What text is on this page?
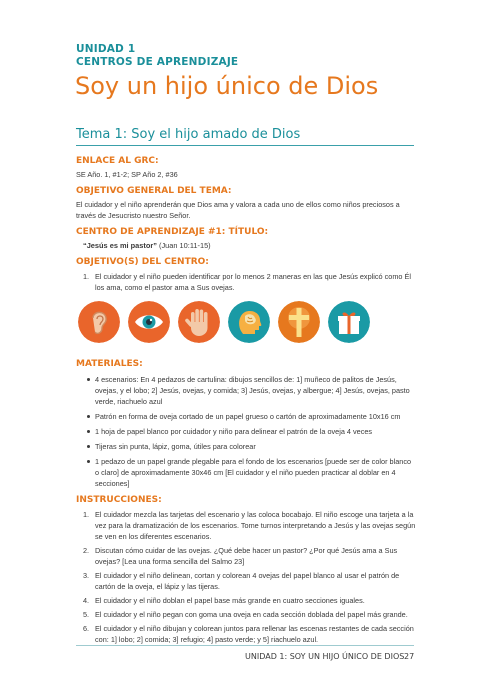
UNIDAD 1
CENTROS DE APRENDIZAJE
Soy un hijo único de Dios
Tema 1: Soy el hijo amado de Dios
ENLACE AL GRC:
SE Año. 1, #1-2; SP Año 2, #36
OBJETIVO GENERAL DEL TEMA:
El cuidador y el niño aprenderán que Dios ama y valora a cada uno de ellos como niños preciosos a través de Jesucristo nuestro Señor.
CENTRO DE APRENDIZAJE #1: TÍTULO:
“Jesús es mi pastor” (Juan 10:11-15)
OBJETIVO(S) DEL CENTRO:
1. El cuidador y el niño pueden identificar por lo menos 2 maneras en las que Jesús explicó como Él los ama, como el pastor ama a Sus ovejas.
MATERIALES:
4 escenarios: En 4 pedazos de cartulina: dibujos sencillos de: 1] muñeco de palitos de Jesús, ovejas, y el lobo; 2] Jesús, ovejas, y comida; 3] Jesús, ovejas, y albergue; 4] Jesús, ovejas, pasto verde, riachuelo azul
Patrón en forma de oveja cortado de un papel grueso o cartón de aproximadamente 10x16 cm
1 hoja de papel blanco por cuidador y niño para delinear el patrón de la oveja 4 veces
Tijeras sin punta, lápiz, goma, útiles para colorear
1 pedazo de un papel grande plegable para el fondo de los escenarios [puede ser de color blanco o claro] de aproximadamente 30x46 cm [El cuidador y el niño pueden practicar al doblar en 4 secciones]
INSTRUCCIONES:
1. El cuidador mezcla las tarjetas del escenario y las coloca bocabajo. El niño escoge una tarjeta a la vez para la dramatización de los escenarios. Tome turnos interpretando a Jesús y las ovejas según se ven en los diferentes escenarios.
2. Discutan cómo cuidar de las ovejas. ¿Qué debe hacer un pastor? ¿Por qué Jesús ama a Sus ovejas? [Lea una forma sencilla del Salmo 23]
3. El cuidador y el niño delinean, cortan y colorean 4 ovejas del papel blanco al usar el patrón de cartón de la oveja, el lápiz y las tijeras.
4. El cuidador y el niño doblan el papel base más grande en cuatro secciones iguales.
5. El cuidador y el niño pegan con goma una oveja en cada sección doblada del papel más grande.
6. El cuidador y el niño dibujan y colorean juntos para rellenar las escenas restantes de cada sección con: 1] lobo; 2] comida; 3] refugio; 4] pasto verde; y 5] riachuelo azul.
UNIDAD 1: SOY UN HIJO ÚNICO DE DIOS 27
